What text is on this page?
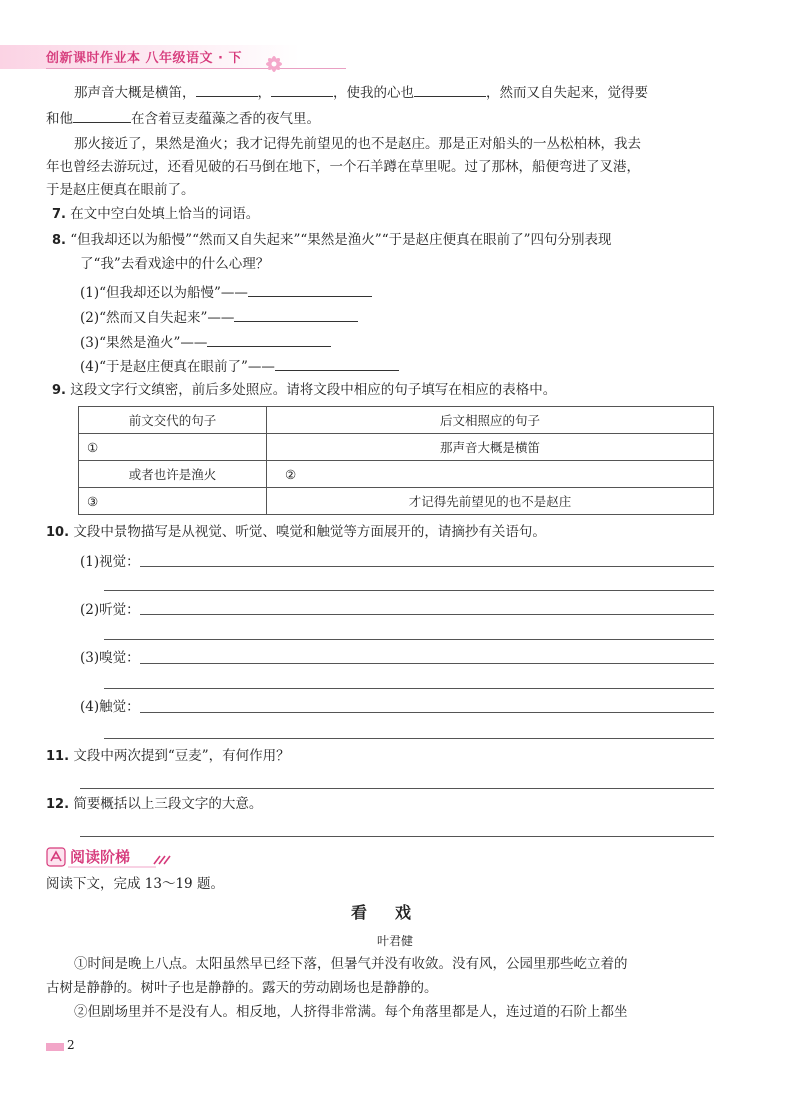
创新课时作业本 八年级语文 · 下
那声音大概是横笛，	，	，使我的心也	，然而又自失起来，觉得要
和他	在含着豆麦蕴藻之香的夜气里。
那火接近了，果然是渔火；我才记得先前望见的也不是赵庄。那是正对船头的一丛松柏林，我去
年也曾经去游玩过，还看见破的石马倒在地下，一个石羊蹲在草里呢。过了那林，船便弯进了叉港，
于是赵庄便真在眼前了。
7. 在文中空白处填上恰当的词语。
8. “但我却还以为船慢”“然而又自失起来”“果然是渔火”“于是赵庄便真在眼前了”四句分别表现
了“我”去看戏途中的什么心理？
(1)“但我却还以为船慢”——
(2)“然而又自失起来”——
(3)“果然是渔火”——
(4)“于是赵庄便真在眼前了”——
9. 这段文字行文缜密，前后多处照应。请将文段中相应的句子填写在相应的表格中。
前文交代的句子	后文相照应的句子
①	那声音大概是横笛
或者也许是渔火	②
③	才记得先前望见的也不是赵庄
10. 文段中景物描写是从视觉、听觉、嗅觉和触觉等方面展开的，请摘抄有关语句。
(1)视觉：
(2)听觉：
(3)嗅觉：
(4)触觉：
11. 文段中两次提到“豆麦”，有何作用？
12. 简要概括以上三段文字的大意。
阅读阶梯
阅读下文，完成 13～19 题。
看戏
叶君健
①时间是晚上八点。太阳虽然早已经下落，但暑气并没有收敛。没有风，公园里那些屹立着的
古树是静静的。树叶子也是静静的。露天的劳动剧场也是静静的。
②但剧场里并不是没有人。相反地，人挤得非常满。每个角落里都是人，连过道的石阶上都坐
2
